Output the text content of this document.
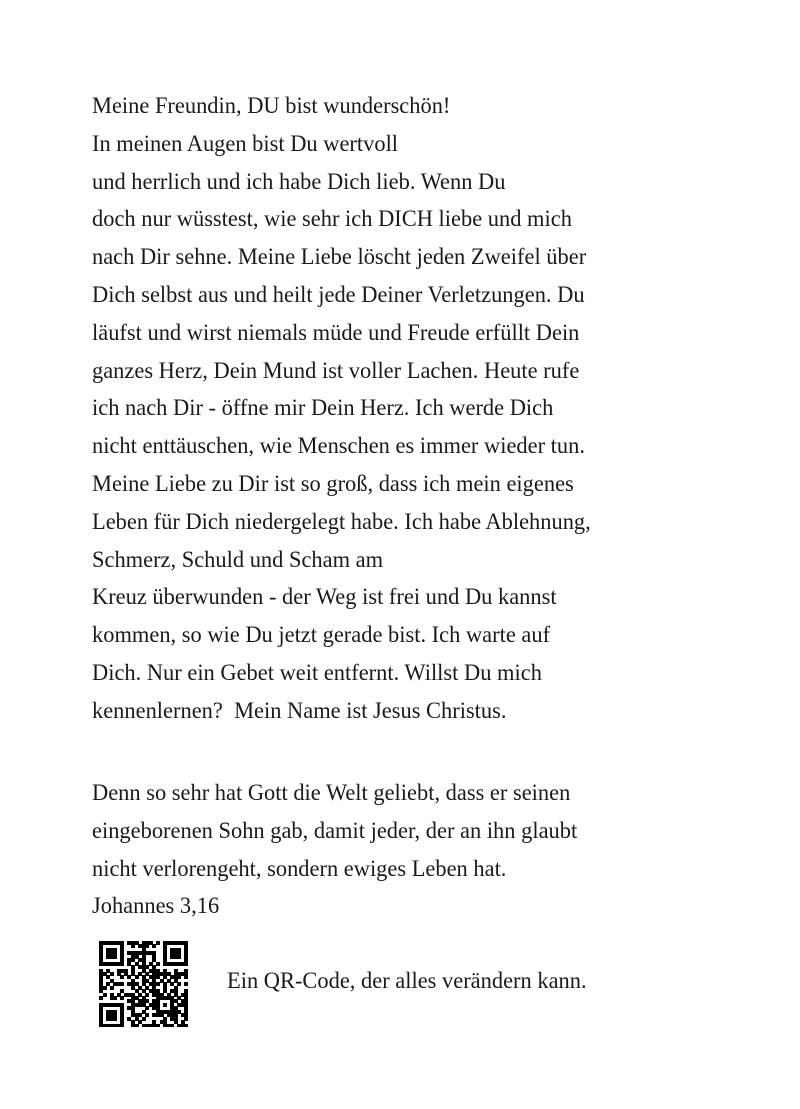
Meine Freundin, DU bist wunderschön!
In meinen Augen bist Du wertvoll
und herrlich und ich habe Dich lieb. Wenn Du
doch nur wüsstest, wie sehr ich DICH liebe und mich
nach Dir sehne. Meine Liebe löscht jeden Zweifel über
Dich selbst aus und heilt jede Deiner Verletzungen. Du
läufst und wirst niemals müde und Freude erfüllt Dein
ganzes Herz, Dein Mund ist voller Lachen. Heute rufe
ich nach Dir - öffne mir Dein Herz. Ich werde Dich
nicht enttäuschen, wie Menschen es immer wieder tun.
Meine Liebe zu Dir ist so groß, dass ich mein eigenes
Leben für Dich niedergelegt habe. Ich habe Ablehnung,
Schmerz, Schuld und Scham am
Kreuz überwunden - der Weg ist frei und Du kannst
kommen, so wie Du jetzt gerade bist. Ich warte auf
Dich. Nur ein Gebet weit entfernt. Willst Du mich
kennenlernen?  Mein Name ist Jesus Christus.
Denn so sehr hat Gott die Welt geliebt, dass er seinen
eingeborenen Sohn gab, damit jeder, der an ihn glaubt
nicht verlorengeht, sondern ewiges Leben hat.
Johannes 3,16
Ein QR-Code, der alles verändern kann.
